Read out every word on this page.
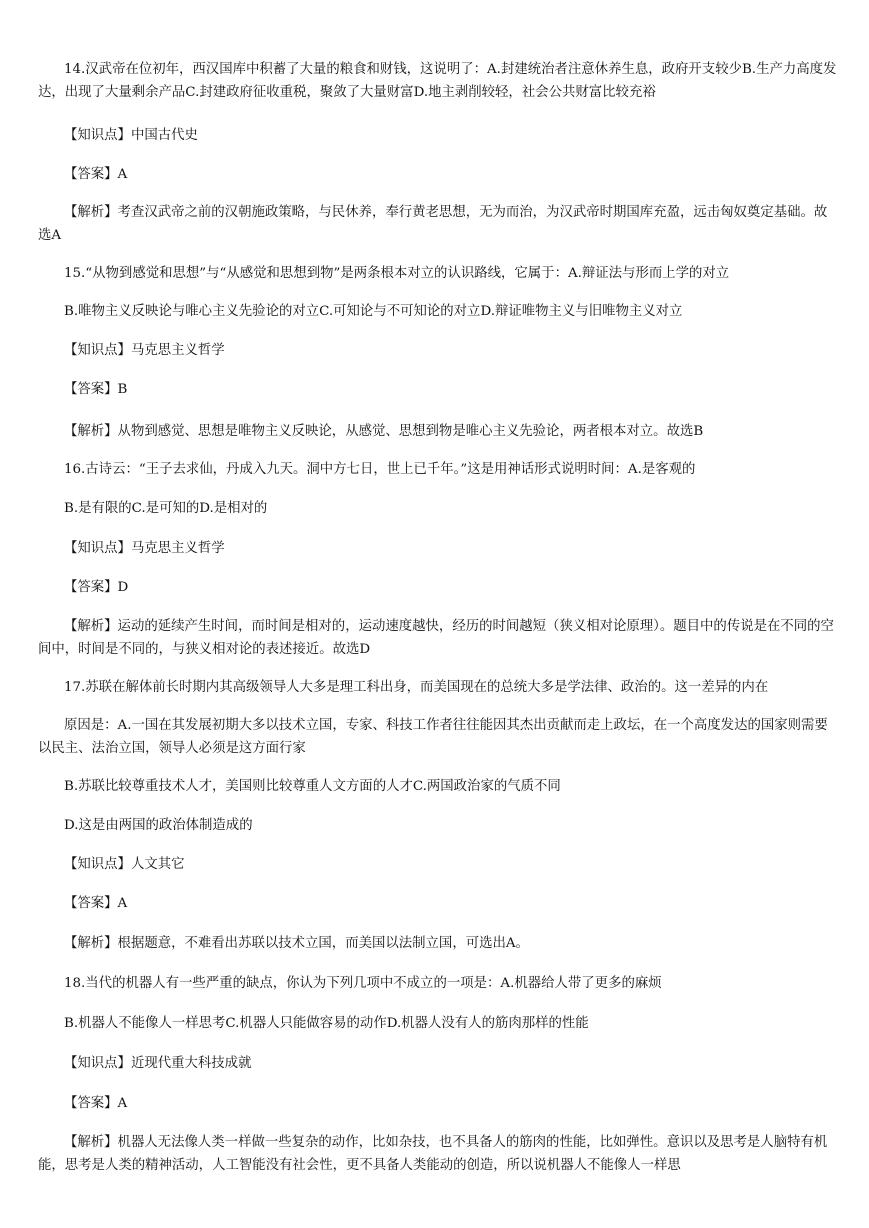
14.汉武帝在位初年，西汉国库中积蓄了大量的粮食和财钱，这说明了：A.封建统治者注意休养生息，政府开支较少B.生产力高度发达，出现了大量剩余产品C.封建政府征收重税，聚敛了大量财富D.地主剥削较轻，社会公共财富比较充裕

【知识点】中国古代史

【答案】A

【解析】考查汉武帝之前的汉朝施政策略，与民休养，奉行黄老思想，无为而治，为汉武帝时期国库充盈，远击匈奴奠定基础。故选A

15.“从物到感觉和思想”与“从感觉和思想到物”是两条根本对立的认识路线，它属于：A.辩证法与形而上学的对立

B.唯物主义反映论与唯心主义先验论的对立C.可知论与不可知论的对立D.辩证唯物主义与旧唯物主义对立

【知识点】马克思主义哲学

【答案】B

【解析】从物到感觉、思想是唯物主义反映论，从感觉、思想到物是唯心主义先验论，两者根本对立。故选B

16.古诗云：“王子去求仙，丹成入九天。洞中方七日，世上已千年。”这是用神话形式说明时间：A.是客观的

B.是有限的C.是可知的D.是相对的

【知识点】马克思主义哲学

【答案】D

【解析】运动的延续产生时间，而时间是相对的，运动速度越快，经历的时间越短（狭义相对论原理）。题目中的传说是在不同的空间中，时间是不同的，与狭义相对论的表述接近。故选D

17.苏联在解体前长时期内其高级领导人大多是理工科出身，而美国现在的总统大多是学法律、政治的。这一差异的内在

原因是：A.一国在其发展初期大多以技术立国，专家、科技工作者往往能因其杰出贡献而走上政坛，在一个高度发达的国家则需要以民主、法治立国，领导人必须是这方面行家

B.苏联比较尊重技术人才，美国则比较尊重人文方面的人才C.两国政治家的气质不同

D.这是由两国的政治体制造成的

【知识点】人文其它

【答案】A

【解析】根据题意，不难看出苏联以技术立国，而美国以法制立国，可选出A。

18.当代的机器人有一些严重的缺点，你认为下列几项中不成立的一项是：A.机器给人带了更多的麻烦

B.机器人不能像人一样思考C.机器人只能做容易的动作D.机器人没有人的筋肉那样的性能

【知识点】近现代重大科技成就

【答案】A

【解析】机器人无法像人类一样做一些复杂的动作，比如杂技，也不具备人的筋肉的性能，比如弹性。意识以及思考是人脑特有机能，思考是人类的精神活动，人工智能没有社会性，更不具备人类能动的创造，所以说机器人不能像人一样思
